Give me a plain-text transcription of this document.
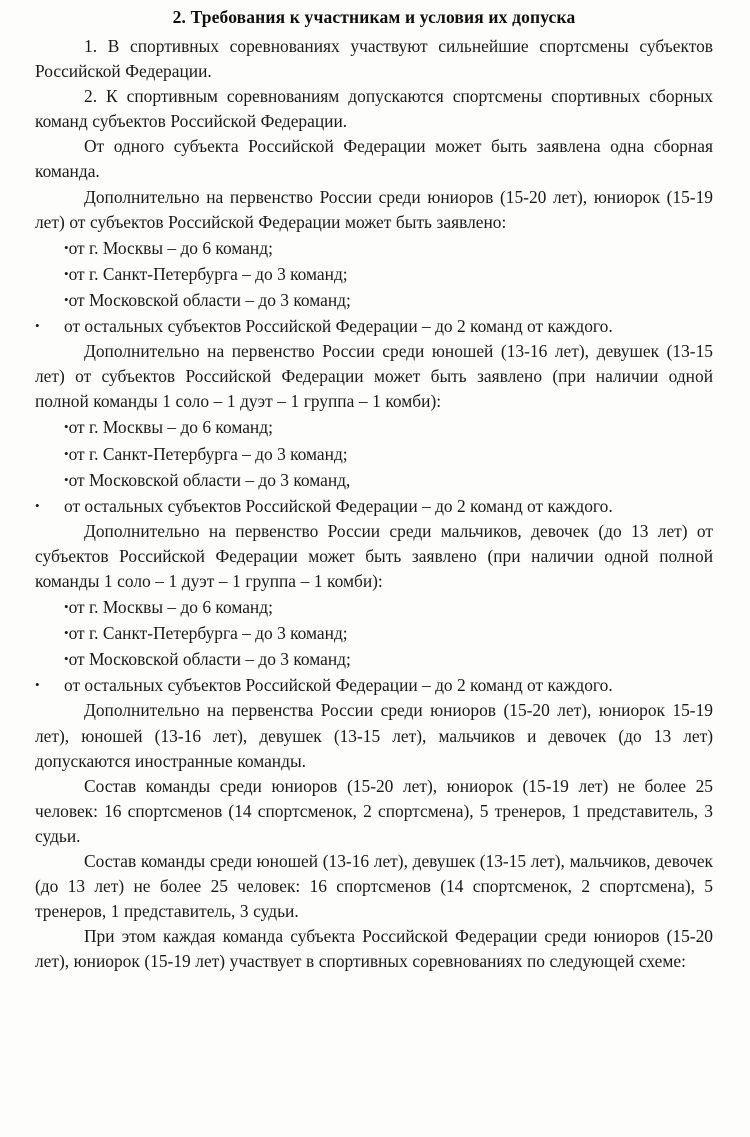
2. Требования к участникам и условия их допуска

1. В спортивных соревнованиях участвуют сильнейшие спортсмены субъектов Российской Федерации.

2. К спортивным соревнованиям допускаются спортсмены спортивных сборных команд субъектов Российской Федерации.

От одного субъекта Российской Федерации может быть заявлена одна сборная команда.

Дополнительно на первенство России среди юниоров (15-20 лет), юниорок (15-19 лет) от субъектов Российской Федерации может быть заявлено:

•от г. Москвы – до 6 команд;

•от г. Санкт-Петербурга – до 3 команд;

•от Московской области – до 3 команд;

• от остальных субъектов Российской Федерации – до 2 команд от каждого.

Дополнительно на первенство России среди юношей (13-16 лет), девушек (13-15 лет) от субъектов Российской Федерации может быть заявлено (при наличии одной полной команды 1 соло – 1 дуэт – 1 группа – 1 комби):

•от г. Москвы – до 6 команд;

•от г. Санкт-Петербурга – до 3 команд;

•от Московской области – до 3 команд,

• от остальных субъектов Российской Федерации – до 2 команд от каждого.

Дополнительно на первенство России среди мальчиков, девочек (до 13 лет) от субъектов Российской Федерации может быть заявлено (при наличии одной полной команды 1 соло – 1 дуэт – 1 группа – 1 комби):

•от г. Москвы – до 6 команд;

•от г. Санкт-Петербурга – до 3 команд;

•от Московской области – до 3 команд;

• от остальных субъектов Российской Федерации – до 2 команд от каждого.

Дополнительно на первенства России среди юниоров (15-20 лет), юниорок 15-19 лет), юношей (13-16 лет), девушек (13-15 лет), мальчиков и девочек (до 13 лет) допускаются иностранные команды.

Состав команды среди юниоров (15-20 лет), юниорок (15-19 лет) не более 25 человек: 16 спортсменов (14 спортсменок, 2 спортсмена), 5 тренеров, 1 представитель, 3 судьи.

Состав команды среди юношей (13-16 лет), девушек (13-15 лет), мальчиков, девочек (до 13 лет) не более 25 человек: 16 спортсменов (14 спортсменок, 2 спортсмена), 5 тренеров, 1 представитель, 3 судьи.

При этом каждая команда субъекта Российской Федерации среди юниоров (15-20 лет), юниорок (15-19 лет) участвует в спортивных соревнованиях по следующей схеме:
